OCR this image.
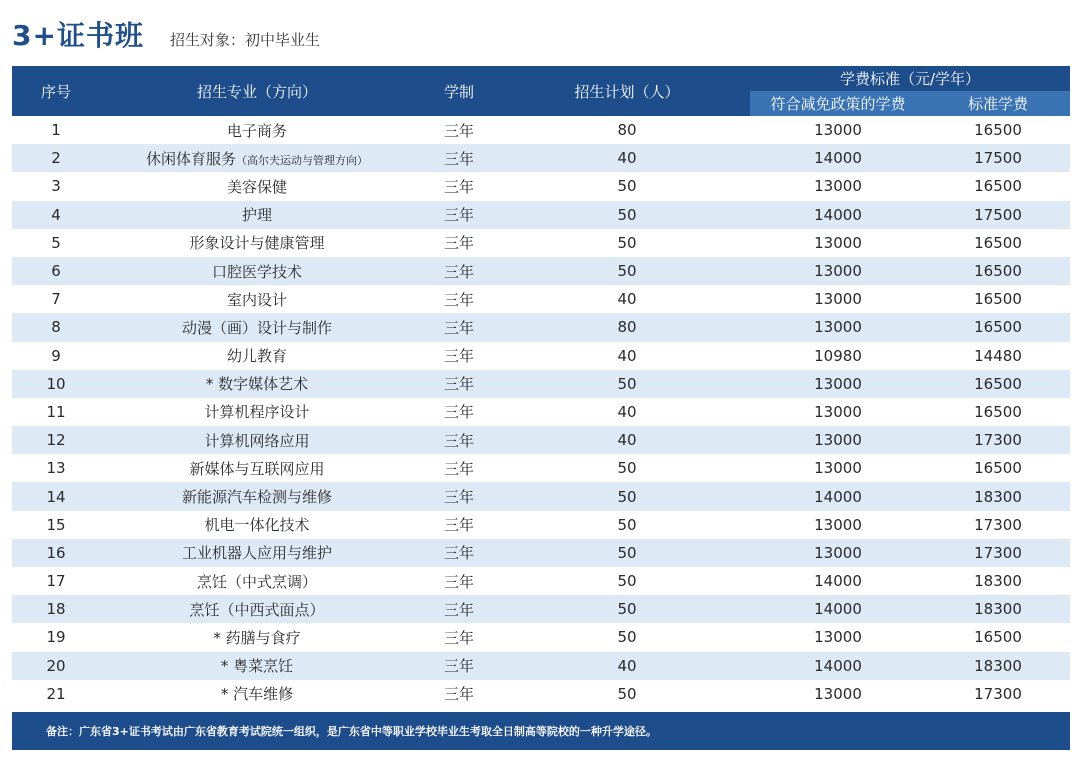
3+证书班 招生对象：初中毕业生
序号	招生专业（方向）	学制	招生计划（人）	学费标准（元/学年）	
				符合减免政策的学费	标准学费
1	电子商务	三年	80	13000	16500
2	休闲体育服务（高尔夫运动与管理方向）	三年	40	14000	17500
3	美容保健	三年	50	13000	16500
4	护理	三年	50	14000	17500
5	形象设计与健康管理	三年	50	13000	16500
6	口腔医学技术	三年	50	13000	16500
7	室内设计	三年	40	13000	16500
8	动漫（画）设计与制作	三年	80	13000	16500
9	幼儿教育	三年	40	10980	14480
10	* 数字媒体艺术	三年	50	13000	16500
11	计算机程序设计	三年	40	13000	16500
12	计算机网络应用	三年	40	13000	17300
13	新媒体与互联网应用	三年	50	13000	16500
14	新能源汽车检测与维修	三年	50	14000	18300
15	机电一体化技术	三年	50	13000	17300
16	工业机器人应用与维护	三年	50	13000	17300
17	烹饪（中式烹调）	三年	50	14000	18300
18	烹饪（中西式面点）	三年	50	14000	18300
19	* 药膳与食疗	三年	50	13000	16500
20	* 粤菜烹饪	三年	40	14000	18300
21	* 汽车维修	三年	50	13000	17300
备注：广东省3+证书考试由广东省教育考试院统一组织，是广东省中等职业学校毕业生考取全日制高等院校的一种升学途径。
